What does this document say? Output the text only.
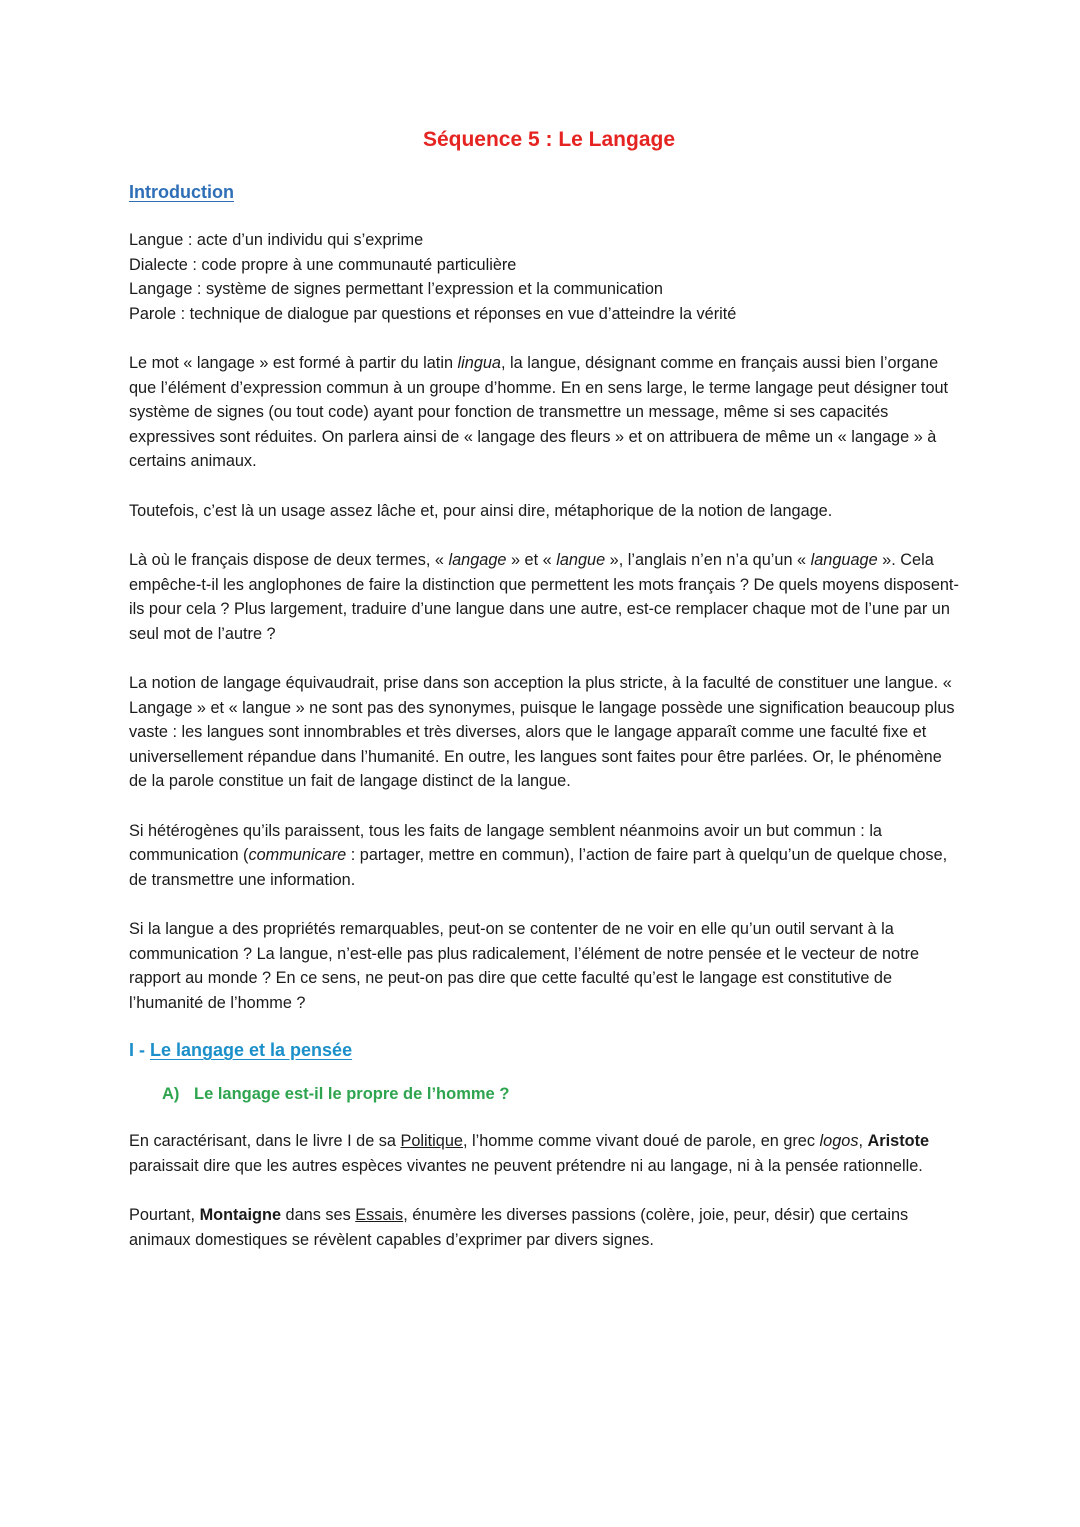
Séquence 5 : Le Langage
Introduction

Langue : acte d’un individu qui s’exprime

Dialecte : code propre à une communauté particulière

Langage : système de signes permettant l’expression et la communication

Parole : technique de dialogue par questions et réponses en vue d’atteindre la vérité

Le mot « langage » est formé à partir du latin lingua, la langue, désignant comme en français aussi bien l’organe que l’élément d’expression commun à un groupe d’homme. En en sens large, le terme langage peut désigner tout système de signes (ou tout code) ayant pour fonction de transmettre un message, même si ses capacités expressives sont réduites. On parlera ainsi de « langage des fleurs » et on attribuera de même un « langage » à certains animaux.

Toutefois, c’est là un usage assez lâche et, pour ainsi dire, métaphorique de la notion de langage.

Là où le français dispose de deux termes, « langage » et « langue », l’anglais n’en n’a qu’un « language ». Cela empêche-t-il les anglophones de faire la distinction que permettent les mots français ? De quels moyens disposent-ils pour cela ? Plus largement, traduire d’une langue dans une autre, est-ce remplacer chaque mot de l’une par un seul mot de l’autre ?

La notion de langage équivaudrait, prise dans son acception la plus stricte, à la faculté de constituer une langue. « Langage » et « langue » ne sont pas des synonymes, puisque le langage possède une signification beaucoup plus vaste : les langues sont innombrables et très diverses, alors que le langage apparaît comme une faculté fixe et universellement répandue dans l’humanité. En outre, les langues sont faites pour être parlées. Or, le phénomène de la parole constitue un fait de langage distinct de la langue.

Si hétérogènes qu’ils paraissent, tous les faits de langage semblent néanmoins avoir un but commun : la communication (communicare : partager, mettre en commun), l’action de faire part à quelqu’un de quelque chose, de transmettre une information.

Si la langue a des propriétés remarquables, peut-on se contenter de ne voir en elle qu’un outil servant à la communication ? La langue, n’est-elle pas plus radicalement, l’élément de notre pensée et le vecteur de notre rapport au monde ? En ce sens, ne peut-on pas dire que cette faculté qu’est le langage est constitutive de l’humanité de l’homme ?

I - Le langage et la pensée
A) Le langage est-il le propre de l’homme ?

En caractérisant, dans le livre I de sa Politique, l’homme comme vivant doué de parole, en grec logos, Aristote paraissait dire que les autres espèces vivantes ne peuvent prétendre ni au langage, ni à la pensée rationnelle.

Pourtant, Montaigne dans ses Essais, énumère les diverses passions (colère, joie, peur, désir) que certains animaux domestiques se révèlent capables d’exprimer par divers signes.
